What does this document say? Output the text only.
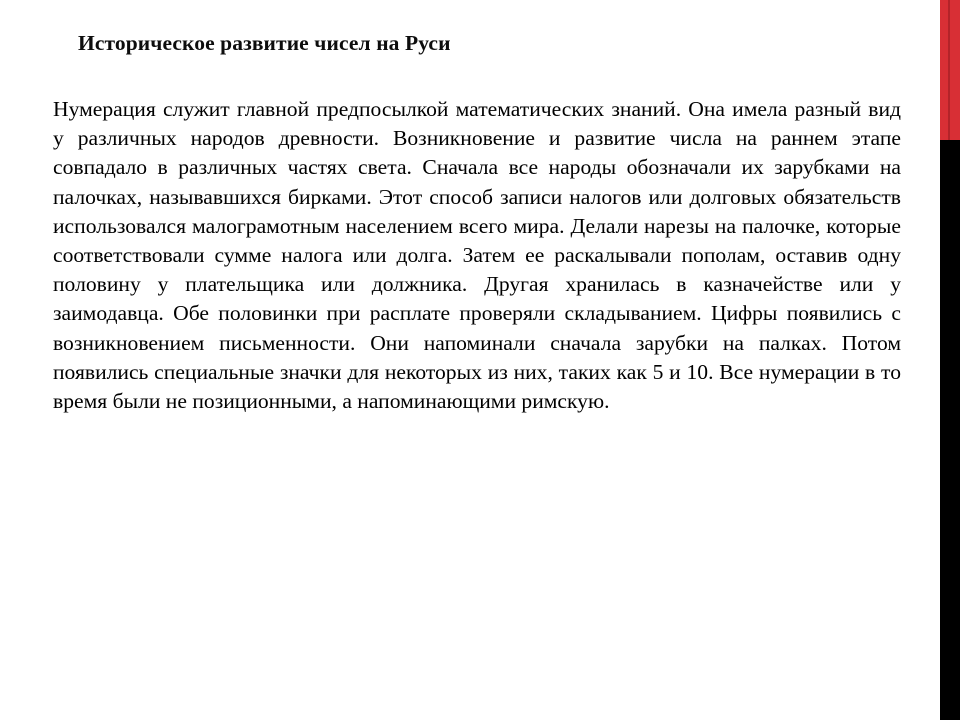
Историческое развитие чисел на Руси
Нумерация служит главной предпосылкой математических знаний. Она имела разный вид у различных народов древности. Возникновение и развитие числа на раннем этапе совпадало в различных частях света. Сначала все народы обозначали их зарубками на палочках, называвшихся бирками. Этот способ записи налогов или долговых обязательств использовался малограмотным населением всего мира. Делали нарезы на палочке, которые соответствовали сумме налога или долга. Затем ее раскалывали пополам, оставив одну половину у плательщика или должника. Другая хранилась в казначействе или у заимодавца. Обе половинки при расплате проверяли складыванием. Цифры появились с возникновением письменности. Они напоминали сначала зарубки на палках. Потом появились специальные значки для некоторых из них, таких как 5 и 10. Все нумерации в то время были не позиционными, а напоминающими римскую.
